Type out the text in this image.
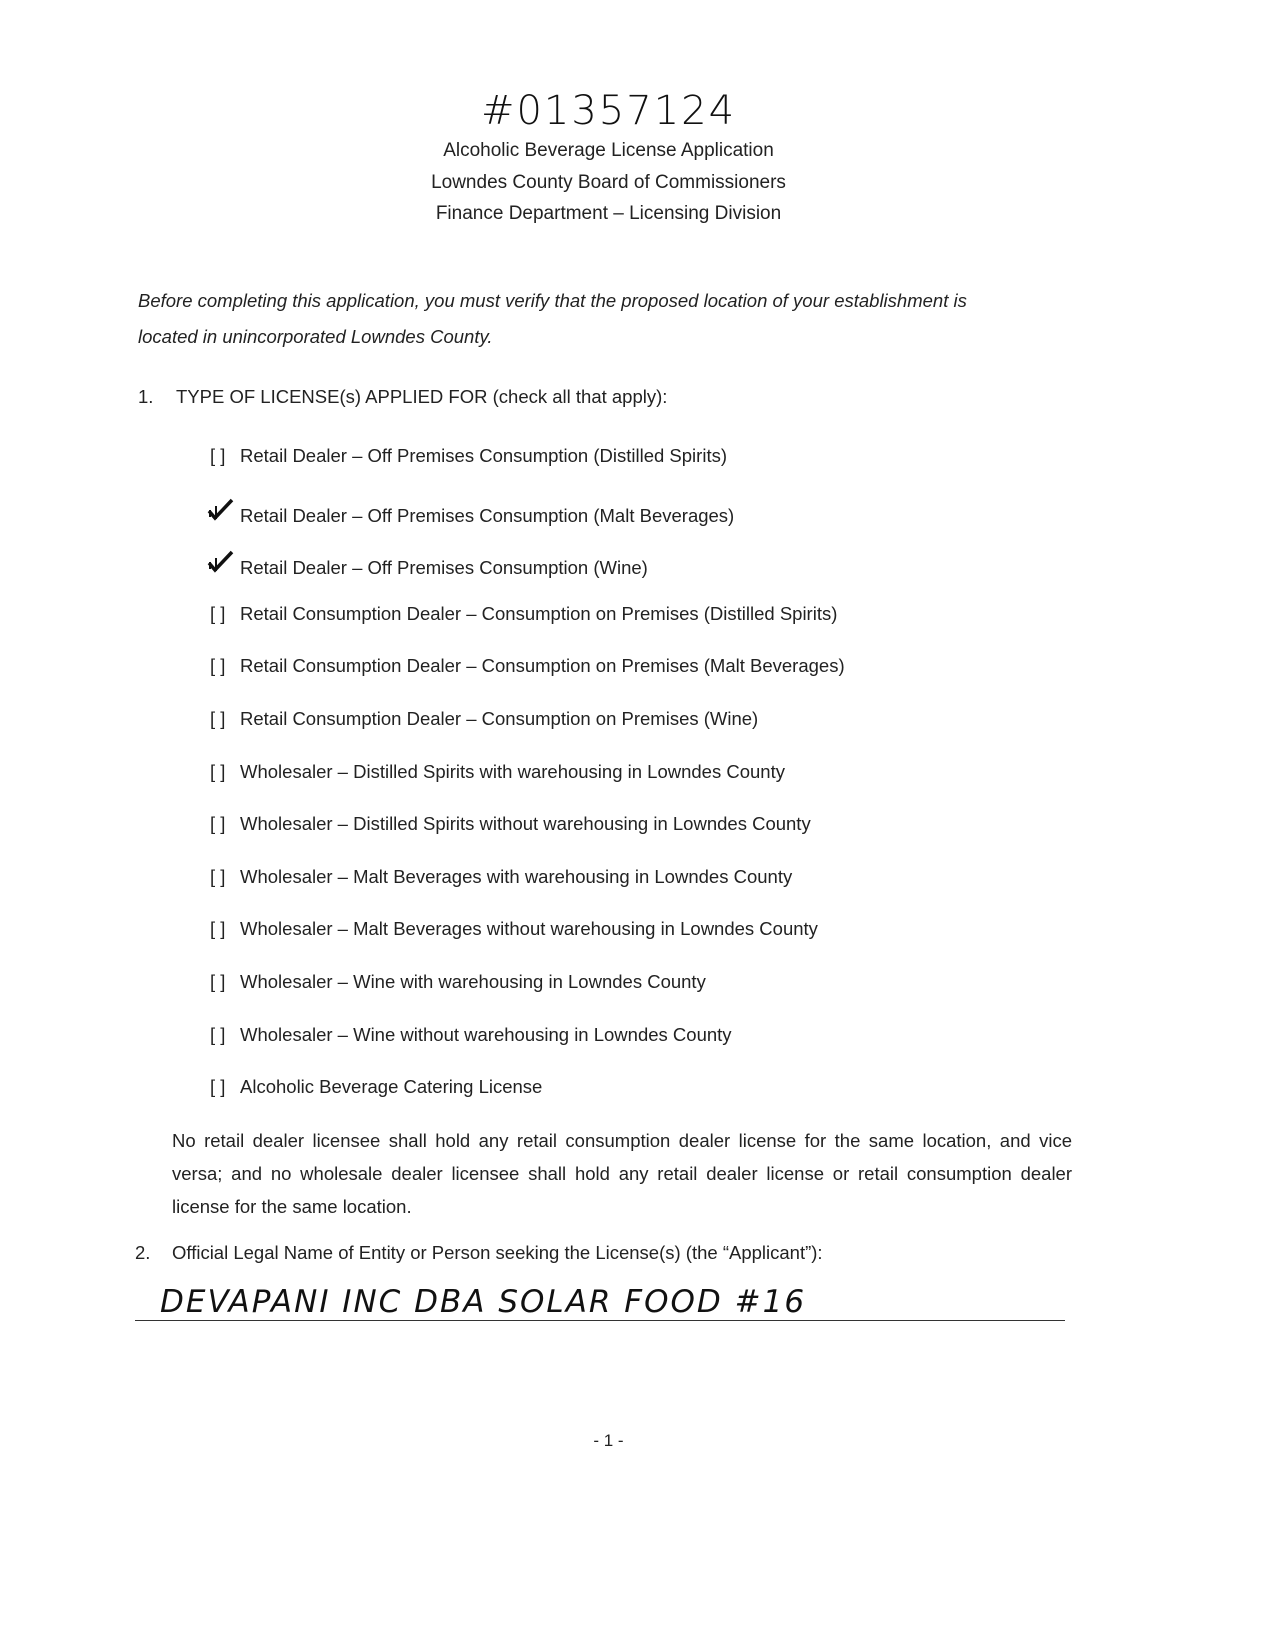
#01357124
Alcoholic Beverage License Application
Lowndes County Board of Commissioners
Finance Department – Licensing Division
Before completing this application, you must verify that the proposed location of your establishment is
located in unincorporated Lowndes County.
1. TYPE OF LICENSE(s) APPLIED FOR (check all that apply):
[ ] Retail Dealer – Off Premises Consumption (Distilled Spirits)
Retail Dealer – Off Premises Consumption (Malt Beverages)
Retail Dealer – Off Premises Consumption (Wine)
[ ] Retail Consumption Dealer – Consumption on Premises (Distilled Spirits)
[ ] Retail Consumption Dealer – Consumption on Premises (Malt Beverages)
[ ] Retail Consumption Dealer – Consumption on Premises (Wine)
[ ] Wholesaler – Distilled Spirits with warehousing in Lowndes County
[ ] Wholesaler – Distilled Spirits without warehousing in Lowndes County
[ ] Wholesaler – Malt Beverages with warehousing in Lowndes County
[ ] Wholesaler – Malt Beverages without warehousing in Lowndes County
[ ] Wholesaler – Wine with warehousing in Lowndes County
[ ] Wholesaler – Wine without warehousing in Lowndes County
[ ] Alcoholic Beverage Catering License
No retail dealer licensee shall hold any retail consumption dealer license for the same location, and vice versa; and no wholesale dealer licensee shall hold any retail dealer license or retail consumption dealer license for the same location.
2. Official Legal Name of Entity or Person seeking the License(s) (the “Applicant”):
DEVAPANI INC DBA SOLAR FOOD #16
- 1 -
